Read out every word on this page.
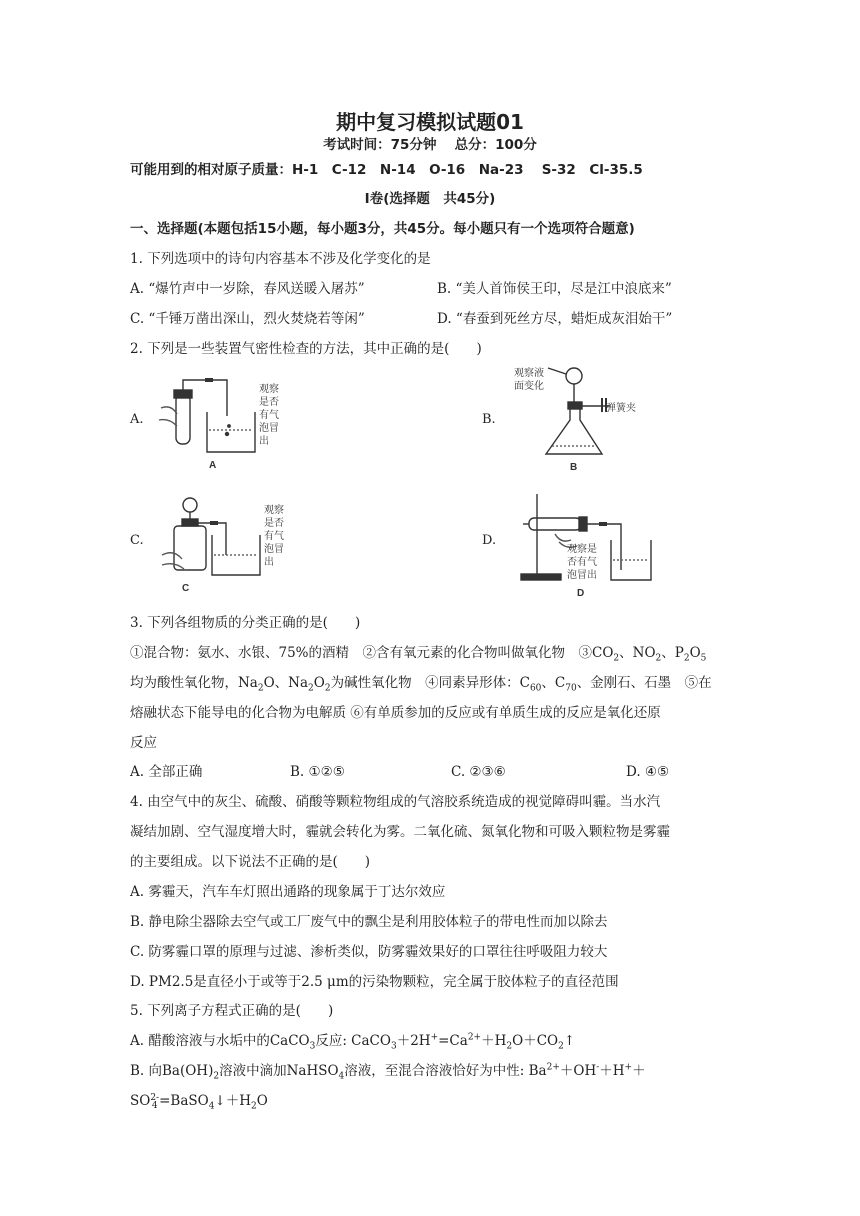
期中复习模拟试题01
考试时间：75分钟　 总分：100分
可能用到的相对原子质量：H-1　C-12　N-14　O-16　Na-23　 S-32　Cl-35.5
Ⅰ卷(选择题　共45分)
一、选择题(本题包括15小题，每小题3分，共45分。每小题只有一个选项符合题意)
1. 下列选项中的诗句内容基本不涉及化学变化的是
A. “爆竹声中一岁除，春风送暖入屠苏”	B. “美人首饰侯王印，尽是江中浪底来”
C. “千锤万凿出深山，烈火焚烧若等闲”	D. “春蚕到死丝方尽，蜡炬成灰泪始干”
2. 下列是一些装置气密性检查的方法，其中正确的是(　　)
A.	B.
C.	D.
观察
是否
有气
泡冒
出
A
观察液
面变化
弹簧夹
B
观察
是否
有气
泡冒
出
C
观察是
否有气
泡冒出
D
3. 下列各组物质的分类正确的是(　　)
①混合物：氨水、水银、75%的酒精　②含有氧元素的化合物叫做氧化物　$③CO_2$、$NO_2$、$P_2O_5$
均为酸性氧化物，$Na_2O$、$Na_2O_2$为碱性氧化物　④同素异形体：$C_{60}$、$C_{70}$、金刚石、石墨　⑤在
熔融状态下能导电的化合物为电解质 ⑥有单质参加的反应或有单质生成的反应是氧化还原
反应
A. 全部正确	B. ①②⑤	C. ②③⑥	D. ④⑤
4. 由空气中的灰尘、硫酸、硝酸等颗粒物组成的气溶胶系统造成的视觉障碍叫霾。当水汽
凝结加剧、空气湿度增大时，霾就会转化为雾。二氧化硫、氮氧化物和可吸入颗粒物是雾霾
的主要组成。以下说法不正确的是(　　)
A. 雾霾天，汽车车灯照出通路的现象属于丁达尔效应
B. 静电除尘器除去空气或工厂废气中的飘尘是利用胶体粒子的带电性而加以除去
C. 防雾霾口罩的原理与过滤、渗析类似，防雾霾效果好的口罩往往呼吸阻力较大
D. PM2.5是直径小于或等于2.5 μm的污染物颗粒，完全属于胶体粒子的直径范围
5. 下列离子方程式正确的是(　　)
A. 醋酸溶液与水垢中的CaCO$_3$反应: $CaCO_3+2H^+=Ca^{2+}+H_2O+CO_2↑$
B. 向$Ba(OH)_2$溶液中滴加NaHSO$_4$溶液，至混合溶液恰好为中性: $Ba^{2+}+OH^-+H^++$
SO 2-
$4 =BaSO_4↓+H_2O$
